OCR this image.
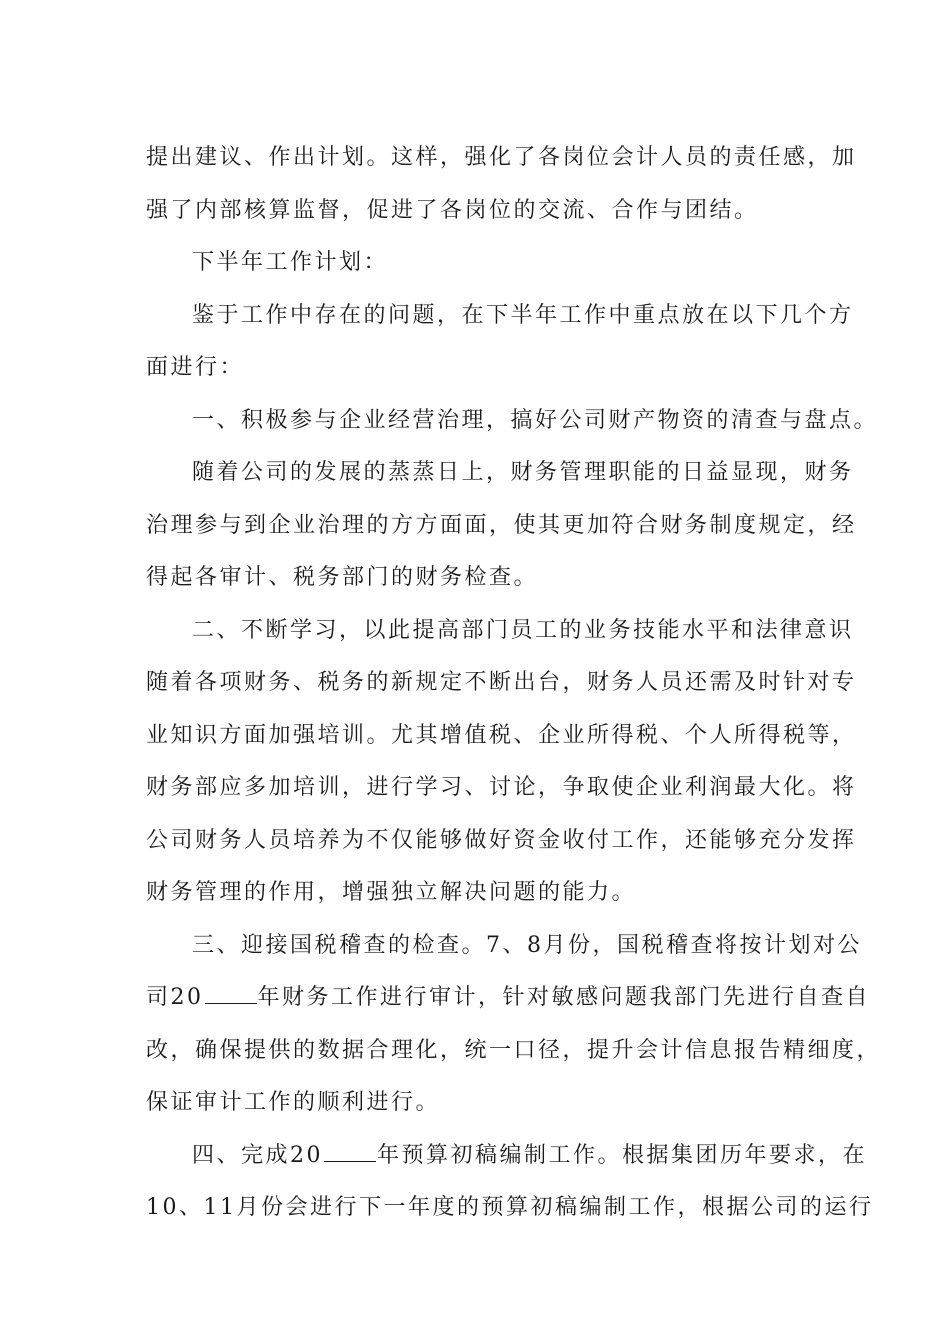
提出建议、作出计划。这样，强化了各岗位会计人员的责任感，加
强了内部核算监督，促进了各岗位的交流、合作与团结。
下半年工作计划：
鉴于工作中存在的问题，在下半年工作中重点放在以下几个方
面进行：
一、积极参与企业经营治理，搞好公司财产物资的清查与盘点。
随着公司的发展的蒸蒸日上，财务管理职能的日益显现，财务
治理参与到企业治理的方方面面，使其更加符合财务制度规定，经
得起各审计、税务部门的财务检查。
二、不断学习，以此提高部门员工的业务技能水平和法律意识
随着各项财务、税务的新规定不断出台，财务人员还需及时针对专
业知识方面加强培训。尤其增值税、企业所得税、个人所得税等，
财务部应多加培训，进行学习、讨论，争取使企业利润最大化。将
公司财务人员培养为不仅能够做好资金收付工作，还能够充分发挥
财务管理的作用，增强独立解决问题的能力。
三、迎接国税稽查的检查。7、8月份，国税稽查将按计划对公
司20 年财务工作进行审计，针对敏感问题我部门先进行自查自
改，确保提供的数据合理化，统一口径，提升会计信息报告精细度，
保证审计工作的顺利进行。
四、完成20 年预算初稿编制工作。根据集团历年要求，在
10、11月份会进行下一年度的预算初稿编制工作，根据公司的运行
